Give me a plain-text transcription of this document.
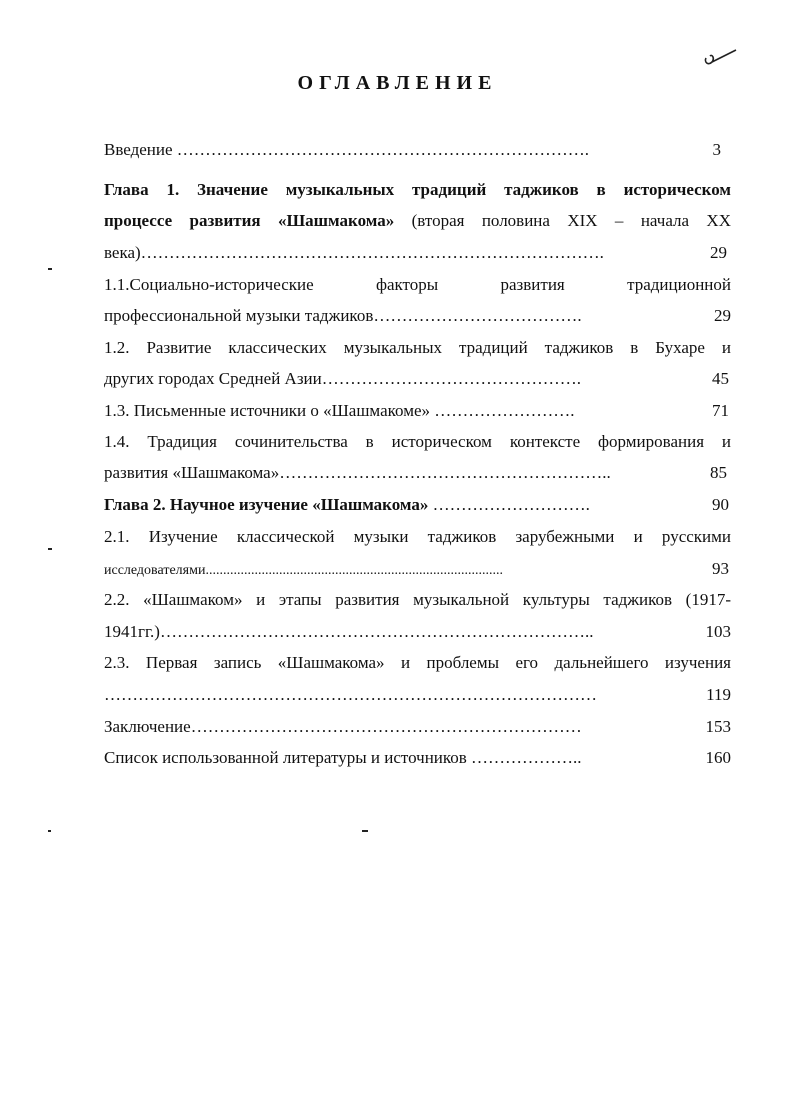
ОГЛАВЛЕНИЕ
Введение ……………………………………………………………….	3
Глава 1. Значение музыкальных традиций таджиков в историческом
процессе развития «Шашмакома» (вторая половина XIX – начала XX
века)……………………………………………………………………….	29
1.1.Социально-исторические факторы развития традиционной
профессиональной музыки таджиков……………………………….	29
1.2. Развитие классических музыкальных традиций таджиков в Бухаре и
других городах Средней Азии……………………………………….	45
1.3. Письменные источники о «Шашмакоме» …………………….	71
1.4. Традиция сочинительства в историческом контексте формирования и
развития «Шашмакома»…………………………………………………..	85
Глава 2. Научное изучение «Шашмакома» ……………………….	90
2.1. Изучение классической музыки таджиков зарубежными и русскими
исследователями.....................................................................................	93
2.2. «Шашмаком» и этапы развития музыкальной культуры таджиков (1917-
1941гг.)…………………………………………………………………..	103
2.3. Первая запись «Шашмакома» и проблемы его дальнейшего изучения
……………………………………………………………………………	119
Заключение……………………………………………………………	153
Список использованной литературы и источников ………………..	160
